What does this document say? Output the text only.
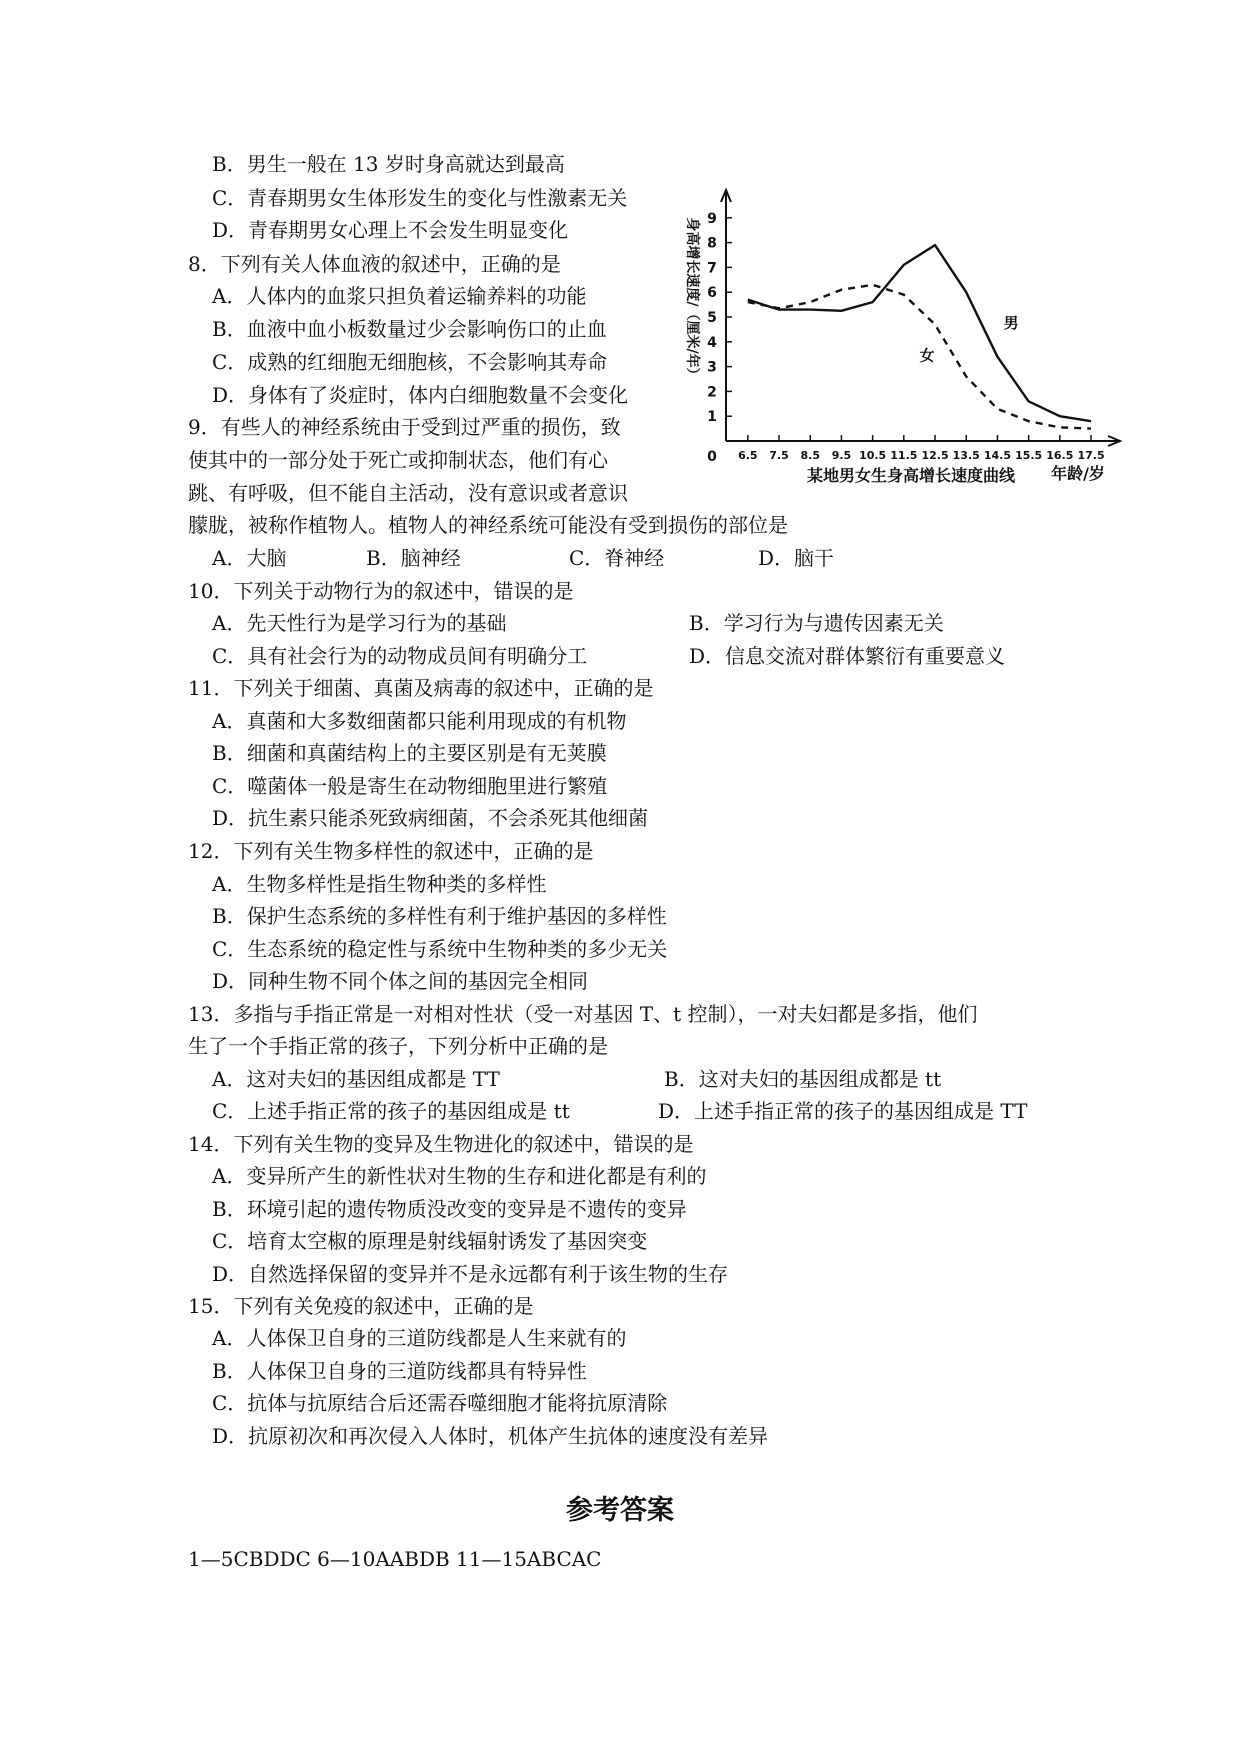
B．男生一般在 13 岁时身高就达到最高
C．青春期男女生体形发生的变化与性激素无关
D．青春期男女心理上不会发生明显变化
8．下列有关人体血液的叙述中，正确的是
A．人体内的血浆只担负着运输养料的功能
B．血液中血小板数量过少会影响伤口的止血
C．成熟的红细胞无细胞核，不会影响其寿命
D．身体有了炎症时，体内白细胞数量不会变化
9．有些人的神经系统由于受到过严重的损伤，致
使其中的一部分处于死亡或抑制状态，他们有心
跳、有呼吸，但不能自主活动，没有意识或者意识
朦胧，被称作植物人。植物人的神经系统可能没有受到损伤的部位是
A．大脑	B．脑神经	C．脊神经	D．脑干
10．下列关于动物行为的叙述中，错误的是
A．先天性行为是学习行为的基础	B．学习行为与遗传因素无关
C．具有社会行为的动物成员间有明确分工	D．信息交流对群体繁衍有重要意义
11．下列关于细菌、真菌及病毒的叙述中，正确的是
A．真菌和大多数细菌都只能利用现成的有机物
B．细菌和真菌结构上的主要区别是有无荚膜
C．噬菌体一般是寄生在动物细胞里进行繁殖
D．抗生素只能杀死致病细菌，不会杀死其他细菌
12．下列有关生物多样性的叙述中，正确的是
A．生物多样性是指生物种类的多样性
B．保护生态系统的多样性有利于维护基因的多样性
C．生态系统的稳定性与系统中生物种类的多少无关
D．同种生物不同个体之间的基因完全相同
13．多指与手指正常是一对相对性状（受一对基因 T、t 控制），一对夫妇都是多指，他们
生了一个手指正常的孩子，下列分析中正确的是
A．这对夫妇的基因组成都是 TT	B．这对夫妇的基因组成都是 tt
C．上述手指正常的孩子的基因组成是 tt	D．上述手指正常的孩子的基因组成是 TT
14．下列有关生物的变异及生物进化的叙述中，错误的是
A．变异所产生的新性状对生物的生存和进化都是有利的
B．环境引起的遗传物质没改变的变异是不遗传的变异
C．培育太空椒的原理是射线辐射诱发了基因突变
D．自然选择保留的变异并不是永远都有利于该生物的生存
15．下列有关免疫的叙述中，正确的是
A．人体保卫自身的三道防线都是人生来就有的
B．人体保卫自身的三道防线都具有特异性
C．抗体与抗原结合后还需吞噬细胞才能将抗原清除
D．抗原初次和再次侵入人体时，机体产生抗体的速度没有差异
参考答案
1—5CBDDC 6—10AABDB 11—15ABCAC
1
2
3
4
5
6
7
8
9
0 6.5 7.5 8.5 9.5 10.5 11.5 12.5 13.5 14.5 15.5 16.5 17.5
男
女
身高增长速度/（厘米/年）
某地男女生身高增长速度曲线 年龄/岁
